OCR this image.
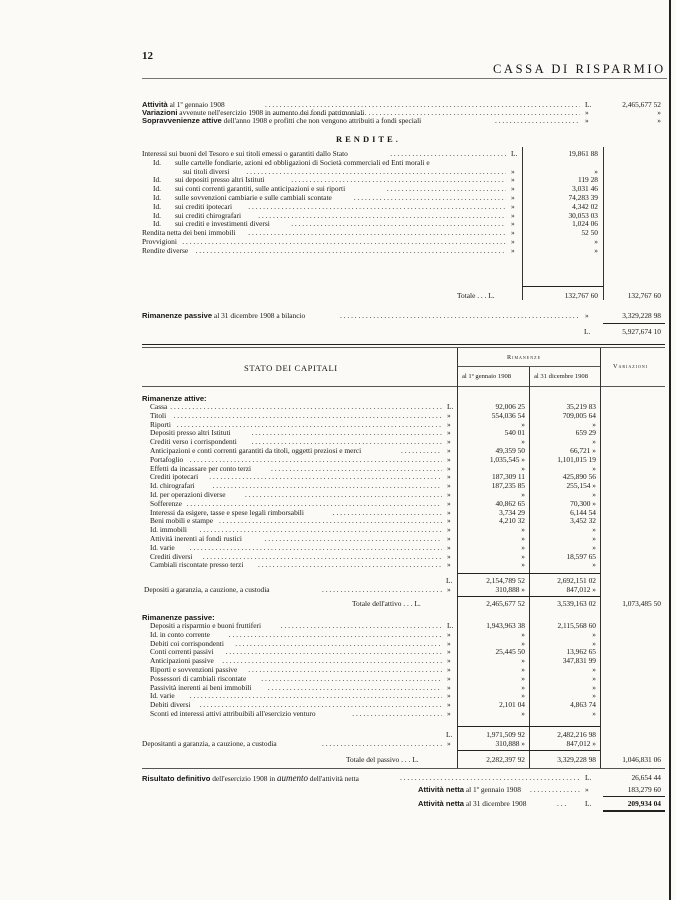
12
CASSA DI RISPARMIO
Attività al 1º gennaio 1908 . . .	L.	2,465,677 52
Variazioni avvenute nell'esercizio 1908 in aumento dei fondi patrimoniali . . .	»	»
Sopravvenienze attive dell'anno 1908 e profitti che non vengono attribuiti a fondi speciali . . .	»	»
RENDITE.
Interessi sui buoni del Tesoro e sui titoli emessi o garantiti dallo Stato . . .	L.	19,861 88
Id. sulle cartelle fondiarie, azioni ed obbligazioni di Società commerciali ed Enti morali e
sui titoli diversi . . .	»	»
Id. sui depositi presso altri Istituti . . .	»	119 28
Id. sui conti correnti garantiti, sulle anticipazioni e sui riporti . . .	»	3,031 46
Id. sulle sovvenzioni cambiarie e sulle cambiali scontate . . .	»	74,283 39
Id. sui crediti ipotecari . . .	»	4,342 02
Id. sui crediti chirografari . . .	»	30,053 03
Id. sui crediti e investimenti diversi . . .	»	1,024 06
Rendita netta dei beni immobili . . .	»	52 50
Provvigioni . . .	»	»
Rendite diverse . . .	»	»
Totale . . . L.	132,767 60	132,767 60
Rimanenze passive al 31 dicembre 1908 a bilancio . . .	»	3,329,228 98
L.	5,927,674 10
STATO DEI CAPITALI
Rimanenze
al 1º gennaio 1908	al 31 dicembre 1908
Variazioni
Rimanenze attive:
Cassa . . .	L.	92,006 25	35,219 83
Titoli . . .	»	554,036 54	709,005 64
Riporti . . .	»	»	»
Depositi presso altri Istituti . . .	»	540 01	659 29
Crediti verso i corrispondenti . . .	»	»	»
Anticipazioni e conti correnti garantiti da titoli, oggetti preziosi e merci . . .	»	49,359 50	66,721 »
Portafoglio . . .	»	1,035,545 »	1,101,015 19
Effetti da incassare per conto terzi . . .	»	»	»
Crediti ipotecari . . .	»	187,309 11	425,890 56
Id. chirografari . . .	»	187,235 85	255,154 »
Id. per operazioni diverse . . .	»	»	»
Sofferenze . . .	»	40,862 65	70,300 »
Interessi da esigere, tasse e spese legali rimborsabili . . .	»	3,734 29	6,144 54
Beni mobili e stampe . . .	»	4,210 32	3,452 32
Id. immobili . . .	»	»	»
Attività inerenti ai fondi rustici . . .	»	»	»
Id. varie . . .	»	»	»
Crediti diversi . . .	»	»	18,597 65
Cambiali riscontate presso terzi . . .	»	»	»
L.	2,154,789 52	2,692,151 02
Depositi a garanzia, a cauzione, a custodia . . .	»	310,888 »	847,012 »
Totale dell'attivo . . . L.	2,465,677 52	3,539,163 02	1,073,485 50
Rimanenze passive:
Depositi a risparmio e buoni fruttiferi . . .	L.	1,943,963 38	2,115,568 60
Id. in conto corrente . . .	»	»	»
Debiti coi corrispondenti . . .	»	»	»
Conti correnti passivi . . .	»	25,445 50	13,962 65
Anticipazioni passive . . .	»	»	347,831 99
Riporti e sovvenzioni passive . . .	»	»	»
Possessori di cambiali riscontate . . .	»	»	»
Passività inerenti ai beni immobili . . .	»	»	»
Id. varie . . .	»	»	»
Debiti diversi . . .	»	2,101 04	4,863 74
Sconti ed interessi attivi attribuibili all'esercizio venturo . . .	»	»	»
L.	1,971,509 92	2,482,216 98
Depositanti a garanzia, a cauzione, a custodia . . .	»	310,888 »	847,012 »
Totale del passivo . . . L.	2,282,397 92	3,329,228 98	1,046,831 06
Risultato definitivo dell'esercizio 1908 in aumento dell'attività netta . . .	L.	26,654 44
Attività netta al 1º gennaio 1908 . . .	»	183,279 60
Attività netta al 31 dicembre 1908	. . .	L.	209,934 04
